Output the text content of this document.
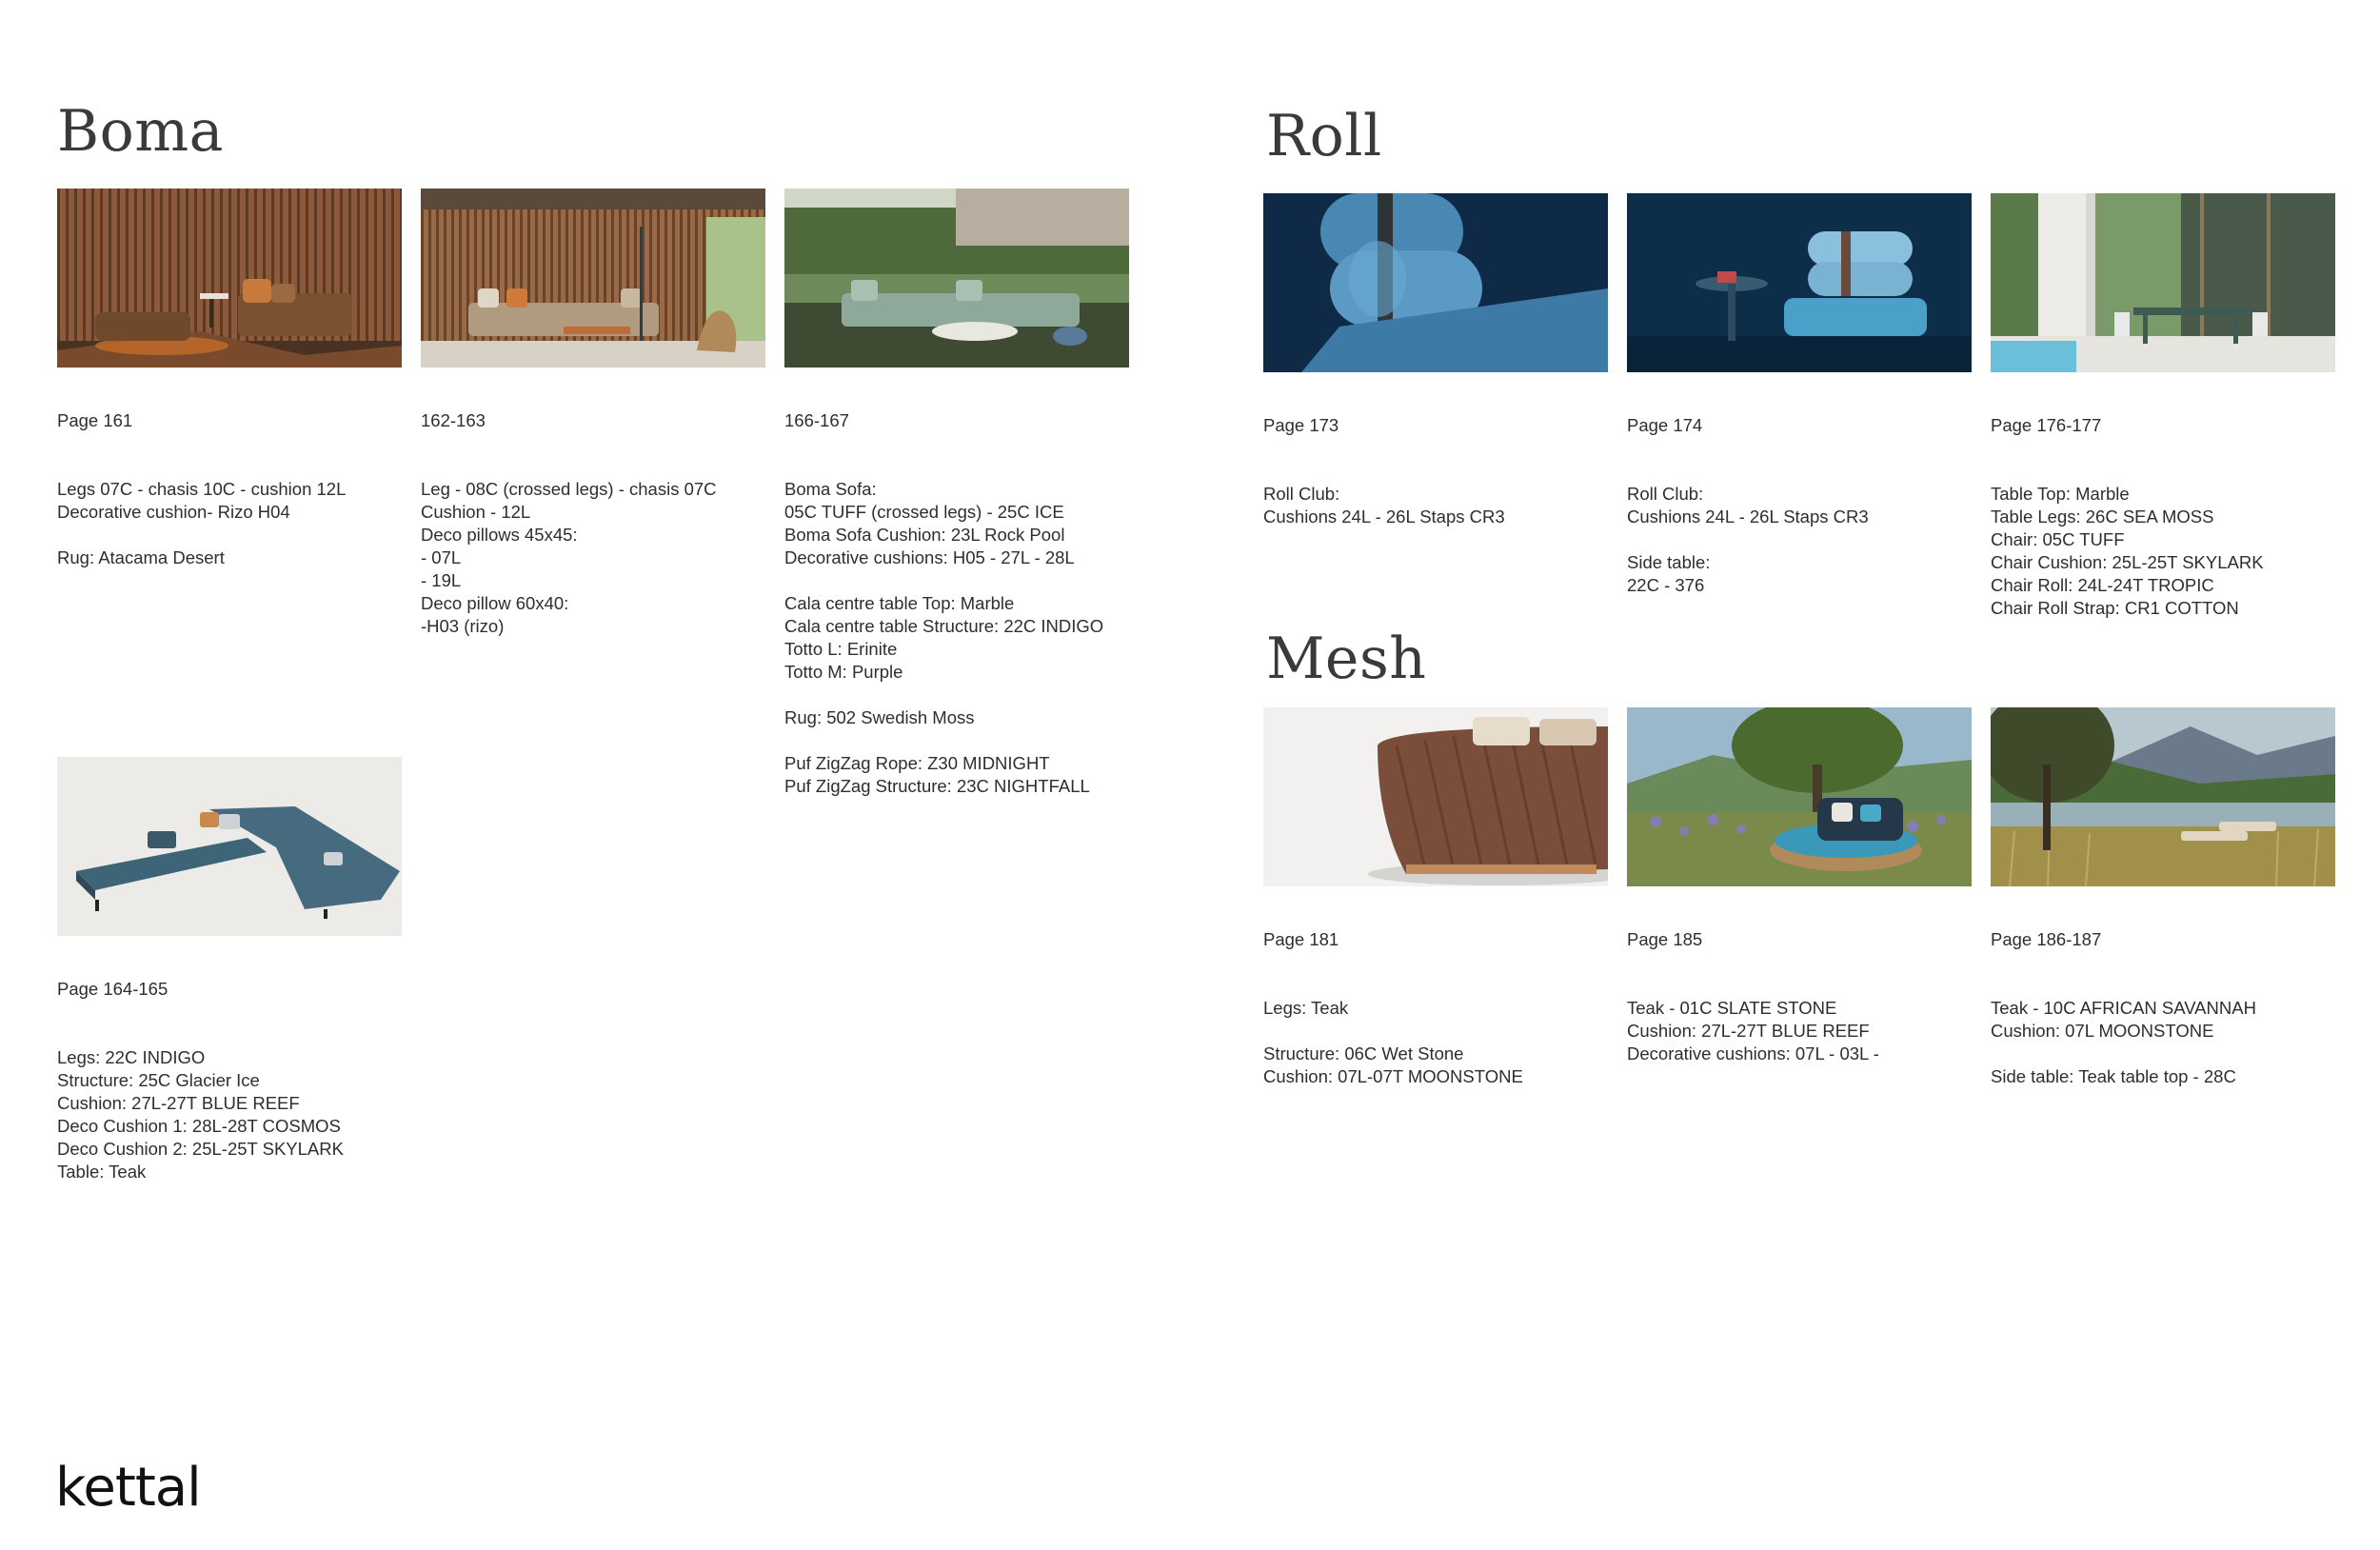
Boma

Page 161

Legs 07C - chasis 10C - cushion 12L
Decorative cushion- Rizo H04

Rug: Atacama Desert

162-163

Leg - 08C (crossed legs) - chasis 07C
Cushion - 12L
Deco pillows 45x45:
- 07L
- 19L
Deco pillow 60x40:
-H03 (rizo)

166-167

Boma Sofa:
05C TUFF (crossed legs) - 25C ICE
Boma Sofa Cushion: 23L Rock Pool
Decorative cushions: H05 - 27L - 28L

Cala centre table Top: Marble
Cala centre table Structure: 22C INDIGO
Totto L: Erinite
Totto M: Purple

Rug: 502 Swedish Moss

Puf ZigZag Rope: Z30 MIDNIGHT
Puf ZigZag Structure: 23C NIGHTFALL

Page 164-165

Legs: 22C INDIGO
Structure: 25C Glacier Ice
Cushion: 27L-27T BLUE REEF
Deco Cushion 1: 28L-28T COSMOS
Deco Cushion 2: 25L-25T SKYLARK
Table: Teak

Roll

Page 173

Roll Club:
Cushions 24L - 26L Staps CR3

Page 174

Roll Club:
Cushions 24L - 26L Staps CR3

Side table:
22C - 376

Page 176-177

Table Top: Marble
Table Legs: 26C SEA MOSS
Chair: 05C TUFF
Chair Cushion: 25L-25T SKYLARK
Chair Roll: 24L-24T TROPIC
Chair Roll Strap: CR1 COTTON

Mesh

Page 181

Legs: Teak

Structure: 06C Wet Stone
Cushion: 07L-07T MOONSTONE

Page 185

Teak - 01C SLATE STONE
Cushion: 27L-27T BLUE REEF
Decorative cushions: 07L - 03L -

Page 186-187

Teak - 10C AFRICAN SAVANNAH
Cushion: 07L MOONSTONE

Side table: Teak table top - 28C

kettal
